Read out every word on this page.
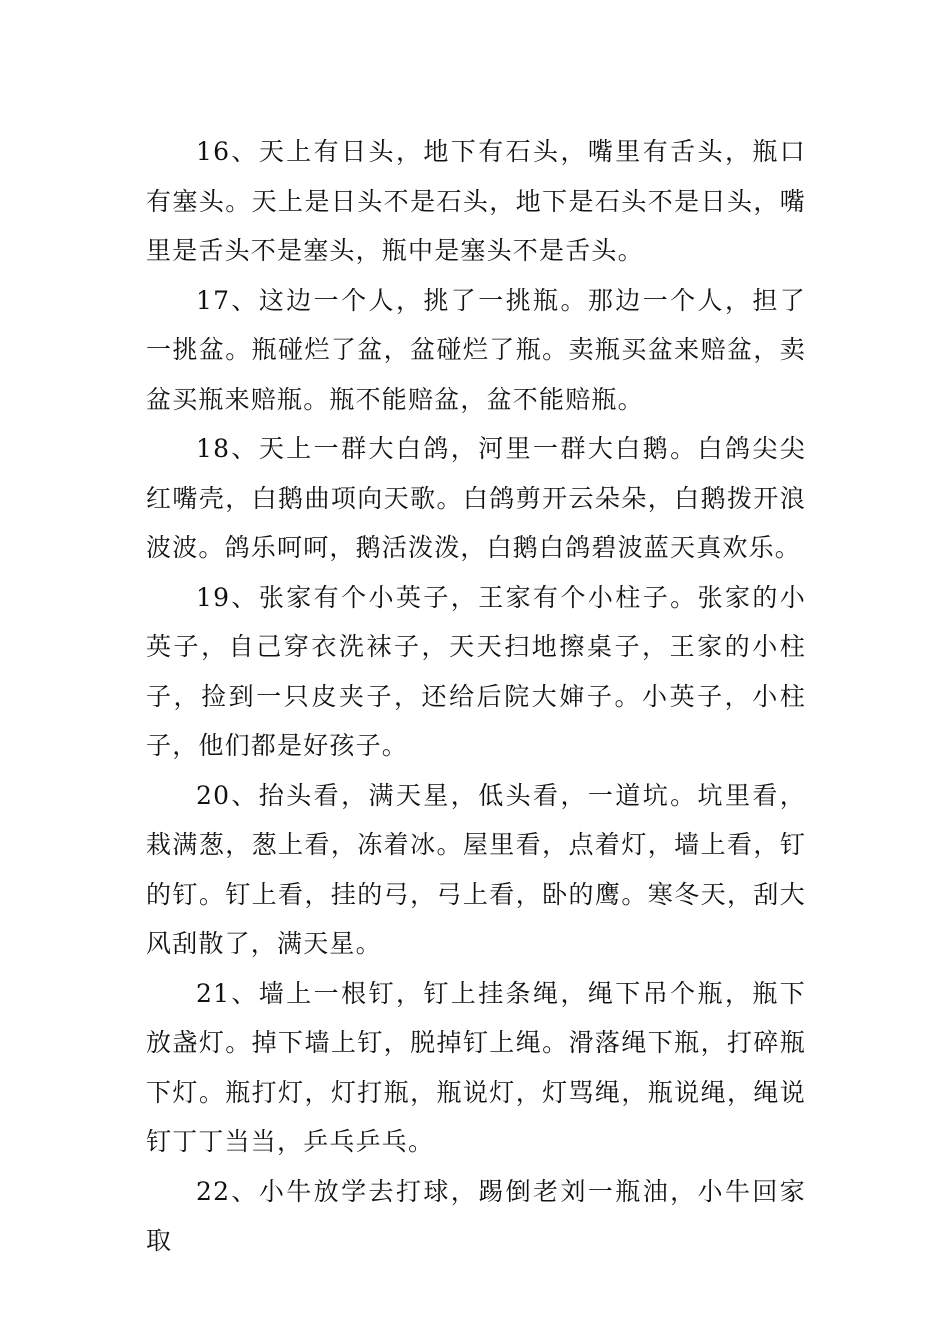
16、天上有日头，地下有石头，嘴里有舌头，瓶口有塞头。天上是日头不是石头，地下是石头不是日头，嘴里是舌头不是塞头，瓶中是塞头不是舌头。

17、这边一个人，挑了一挑瓶。那边一个人，担了一挑盆。瓶碰烂了盆，盆碰烂了瓶。卖瓶买盆来赔盆，卖盆买瓶来赔瓶。瓶不能赔盆，盆不能赔瓶。

18、天上一群大白鸽，河里一群大白鹅。白鸽尖尖红嘴壳，白鹅曲项向天歌。白鸽剪开云朵朵，白鹅拨开浪波波。鸽乐呵呵，鹅活泼泼，白鹅白鸽碧波蓝天真欢乐。

19、张家有个小英子，王家有个小柱子。张家的小英子，自己穿衣洗袜子，天天扫地擦桌子，王家的小柱子，捡到一只皮夹子，还给后院大婶子。小英子，小柱子，他们都是好孩子。

20、抬头看，满天星，低头看，一道坑。坑里看，栽满葱，葱上看，冻着冰。屋里看，点着灯，墙上看，钉的钉。钉上看，挂的弓，弓上看，卧的鹰。寒冬天，刮大风刮散了，满天星。

21、墙上一根钉，钉上挂条绳，绳下吊个瓶，瓶下放盏灯。掉下墙上钉，脱掉钉上绳。滑落绳下瓶，打碎瓶下灯。瓶打灯，灯打瓶，瓶说灯，灯骂绳，瓶说绳，绳说钉丁丁当当，乒乓乒乓。

22、小牛放学去打球，踢倒老刘一瓶油，小牛回家取
